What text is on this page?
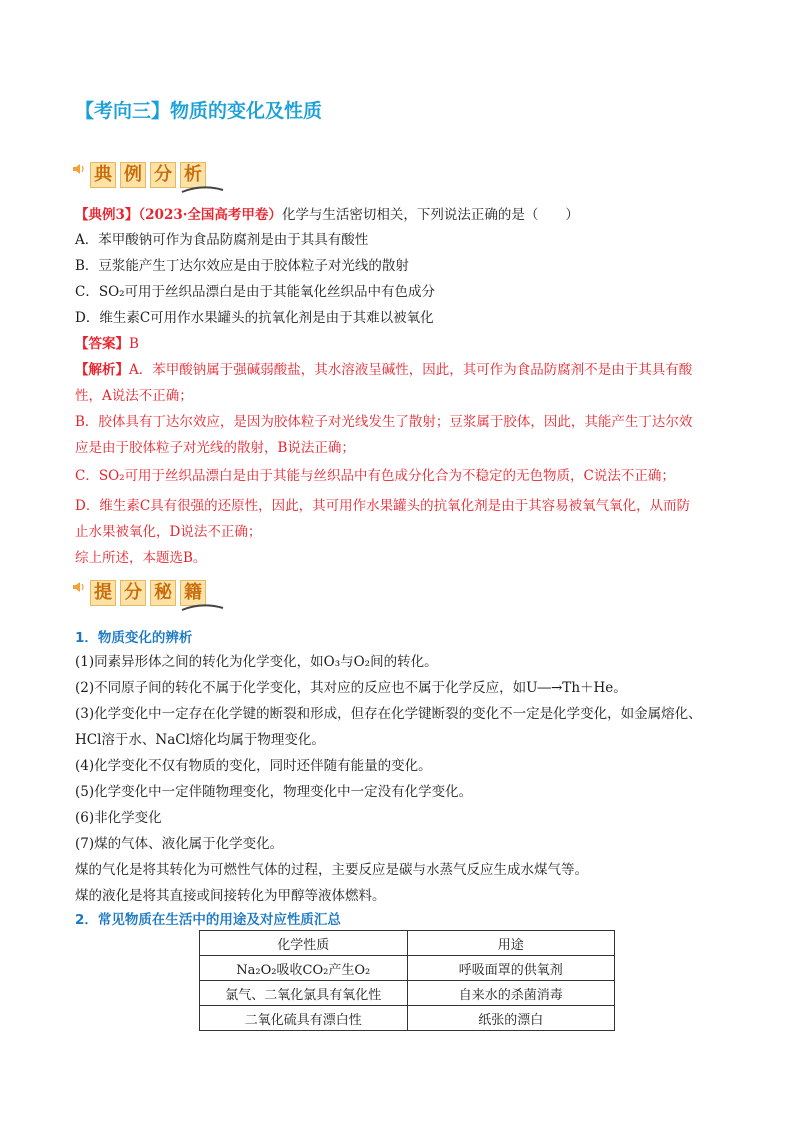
【考向三】物质的变化及性质
典 例 分 析
【典例3】（2023·全国高考甲卷）化学与生活密切相关，下列说法正确的是（　　）
A．苯甲酸钠可作为食品防腐剂是由于其具有酸性
B．豆浆能产生丁达尔效应是由于胶体粒子对光线的散射
C．SO₂可用于丝织品漂白是由于其能氧化丝织品中有色成分
D．维生素C可用作水果罐头的抗氧化剂是由于其难以被氧化
【答案】B
【解析】A．苯甲酸钠属于强碱弱酸盐，其水溶液呈碱性，因此，其可作为食品防腐剂不是由于其具有酸
性，A说法不正确；
B．胶体具有丁达尔效应，是因为胶体粒子对光线发生了散射；豆浆属于胶体，因此，其能产生丁达尔效
应是由于胶体粒子对光线的散射，B说法正确；
C．SO₂可用于丝织品漂白是由于其能与丝织品中有色成分化合为不稳定的无色物质，C说法不正确；
D．维生素C具有很强的还原性，因此，其可用作水果罐头的抗氧化剂是由于其容易被氧气氧化，从而防
止水果被氧化，D说法不正确；
综上所述，本题选B。
提 分 秘 籍
1．物质变化的辨析
(1)同素异形体之间的转化为化学变化，如O₃与O₂间的转化。
(2)不同原子间的转化不属于化学变化，其对应的反应也不属于化学反应，如U―→Th＋He。
(3)化学变化中一定存在化学键的断裂和形成，但存在化学键断裂的变化不一定是化学变化，如金属熔化、
HCl溶于水、NaCl熔化均属于物理变化。
(4)化学变化不仅有物质的变化，同时还伴随有能量的变化。
(5)化学变化中一定伴随物理变化，物理变化中一定没有化学变化。
(6)非化学变化
(7)煤的气体、液化属于化学变化。
煤的气化是将其转化为可燃性气体的过程，主要反应是碳与水蒸气反应生成水煤气等。
煤的液化是将其直接或间接转化为甲醇等液体燃料。
2．常见物质在生活中的用途及对应性质汇总
化学性质	用途
Na₂O₂吸收CO₂产生O₂	呼吸面罩的供氧剂
氯气、二氧化氯具有氧化性	自来水的杀菌消毒
二氧化硫具有漂白性	纸张的漂白
